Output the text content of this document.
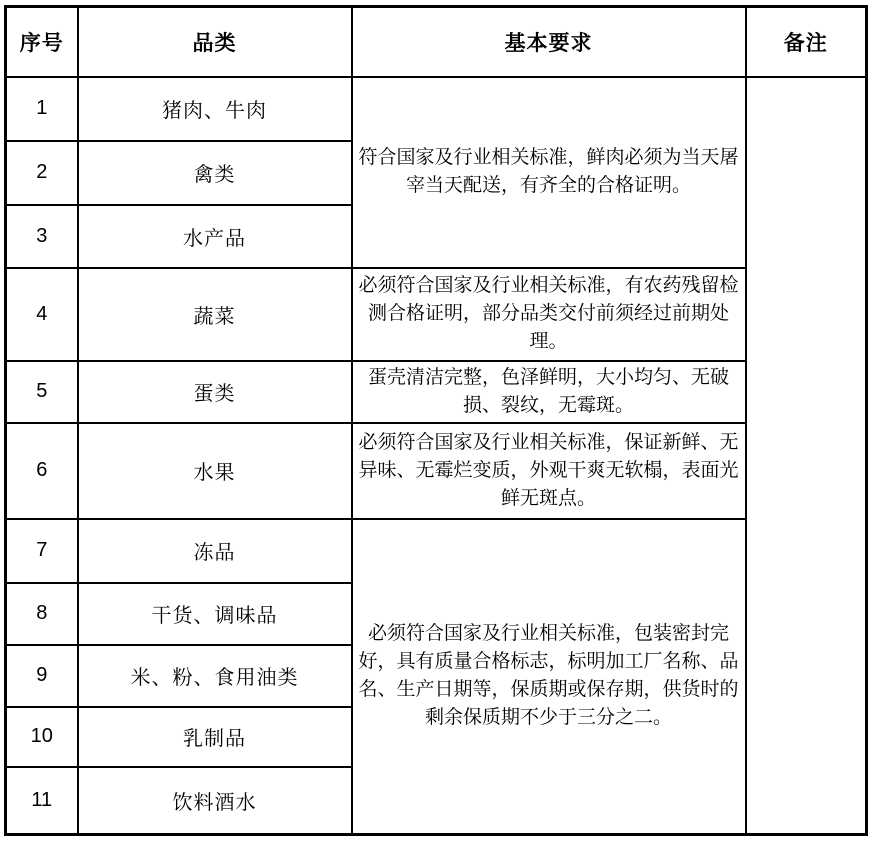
序号	品类	基本要求	备注
1	猪肉、牛肉	符合国家及行业相关标准，鲜肉必须为当天屠宰当天配送，有齐全的合格证明。	
2	禽类		
3	水产品		
4	蔬菜	必须符合国家及行业相关标准，有农药残留检测合格证明，部分品类交付前须经过前期处理。	
5	蛋类	蛋壳清洁完整，色泽鲜明，大小均匀、无破损、裂纹，无霉斑。	
6	水果	必须符合国家及行业相关标准，保证新鲜、无异味、无霉烂变质，外观干爽无软榻，表面光鲜无斑点。	
7	冻品	必须符合国家及行业相关标准，包装密封完好，具有质量合格标志，标明加工厂名称、品名、生产日期等，保质期或保存期，供货时的剩余保质期不少于三分之二。	
8	干货、调味品		
9	米、粉、食用油类		
10	乳制品		
11	饮料酒水		
